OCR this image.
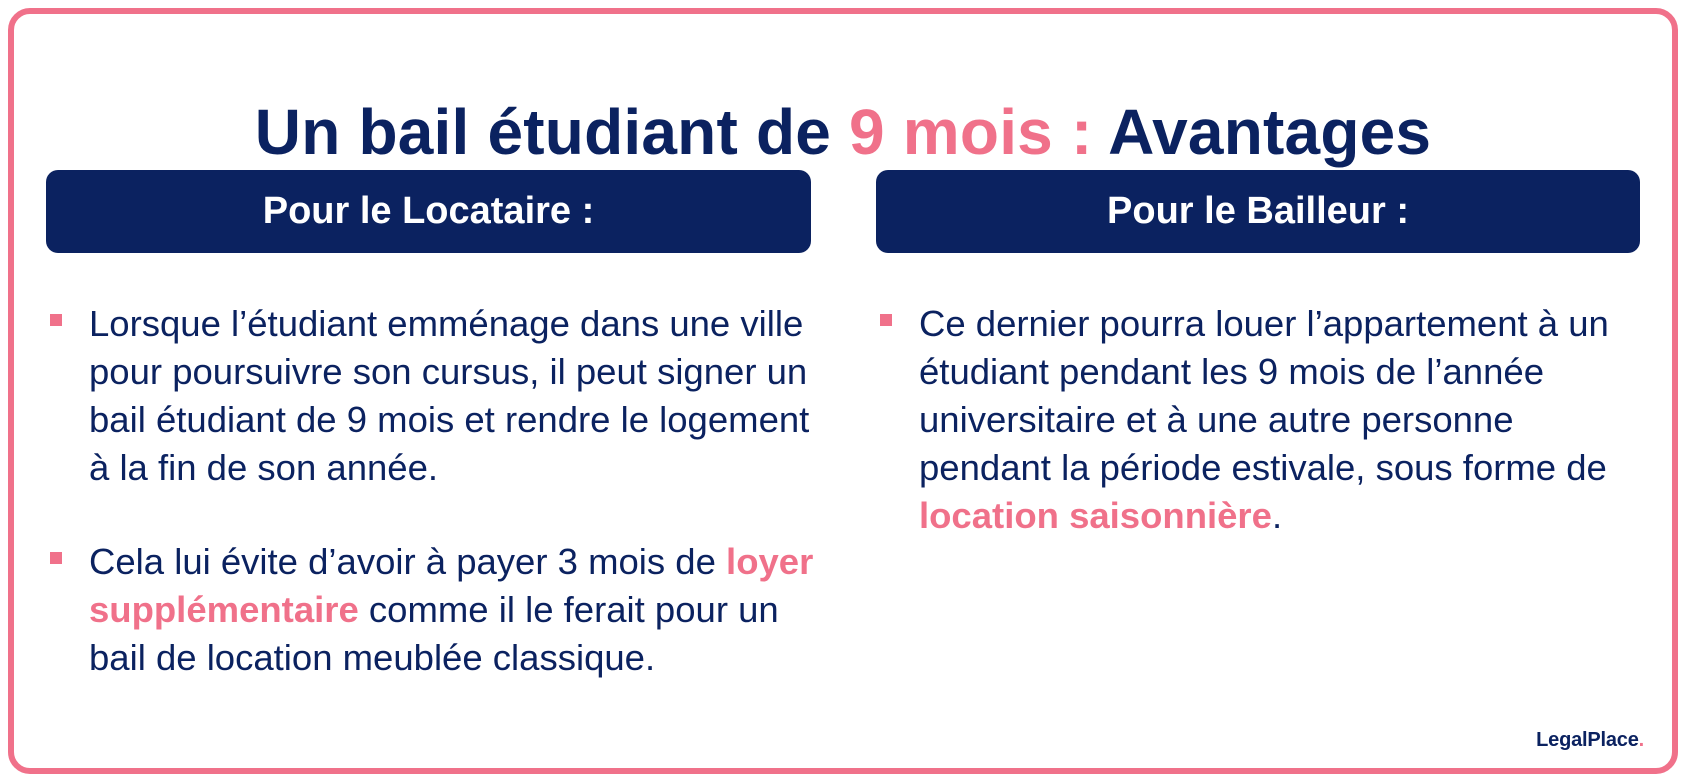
Un bail étudiant de 9 mois : Avantages
Pour le Locataire :	Pour le Bailleur :
Lorsque l’étudiant emménage dans une ville pour poursuivre son cursus, il peut signer un bail étudiant de 9 mois et rendre le logement à la fin de son année.
Cela lui évite d’avoir à payer 3 mois de loyer supplémentaire comme il le ferait pour un bail de location meublée classique.
Ce dernier pourra louer l’appartement à un étudiant pendant les 9 mois de l’année universitaire et à une autre personne pendant la période estivale, sous forme de location saisonnière.
LegalPlace.
